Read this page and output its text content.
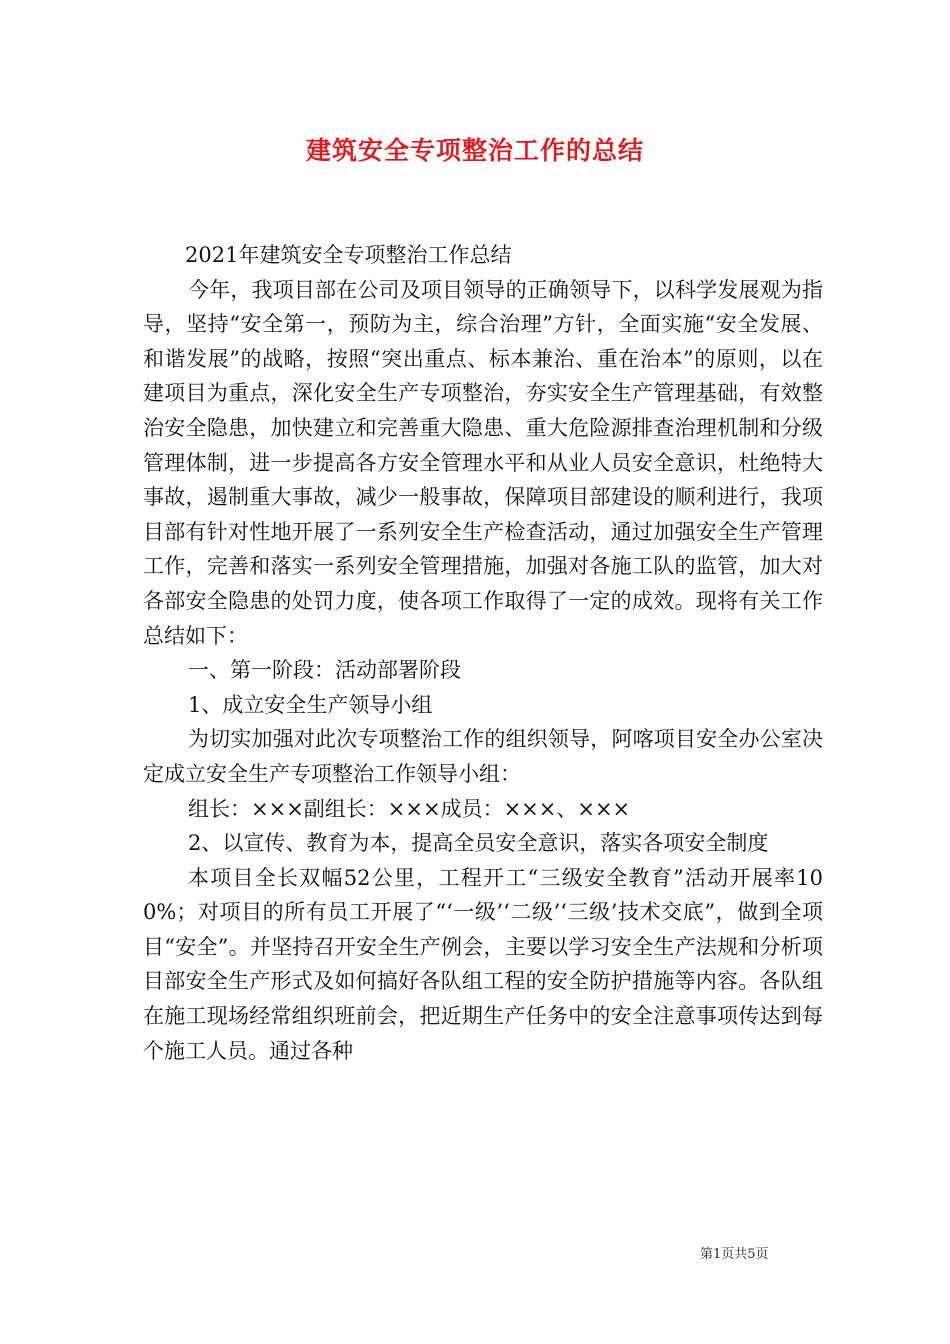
建筑安全专项整治工作的总结

2021年建筑安全专项整治工作总结

今年，我项目部在公司及项目领导的正确领导下，以科学发展观为指导，坚持“安全第一，预防为主，综合治理”方针，全面实施“安全发展、和谐发展”的战略，按照“突出重点、标本兼治、重在治本”的原则，以在建项目为重点，深化安全生产专项整治，夯实安全生产管理基础，有效整治安全隐患，加快建立和完善重大隐患、重大危险源排查治理机制和分级管理体制，进一步提高各方安全管理水平和从业人员安全意识，杜绝特大事故，遏制重大事故，减少一般事故，保障项目部建设的顺利进行，我项目部有针对性地开展了一系列安全生产检查活动，通过加强安全生产管理工作，完善和落实一系列安全管理措施，加强对各施工队的监管，加大对各部安全隐患的处罚力度，使各项工作取得了一定的成效。现将有关工作总结如下：

一、第一阶段：活动部署阶段

1、成立安全生产领导小组

为切实加强对此次专项整治工作的组织领导，阿喀项目安全办公室决定成立安全生产专项整治工作领导小组：

组长：×××副组长：×××成员：×××、×××

2、以宣传、教育为本，提高全员安全意识，落实各项安全制度

本项目全长双幅52公里，工程开工“三级安全教育”活动开展率100%；对项目的所有员工开展了“‘一级’‘二级’‘三级’技术交底”，做到全项目“安全”。并坚持召开安全生产例会，主要以学习安全生产法规和分析项目部安全生产形式及如何搞好各队组工程的安全防护措施等内容。各队组在施工现场经常组织班前会，把近期生产任务中的安全注意事项传达到每个施工人员。通过各种

第1页共5页
